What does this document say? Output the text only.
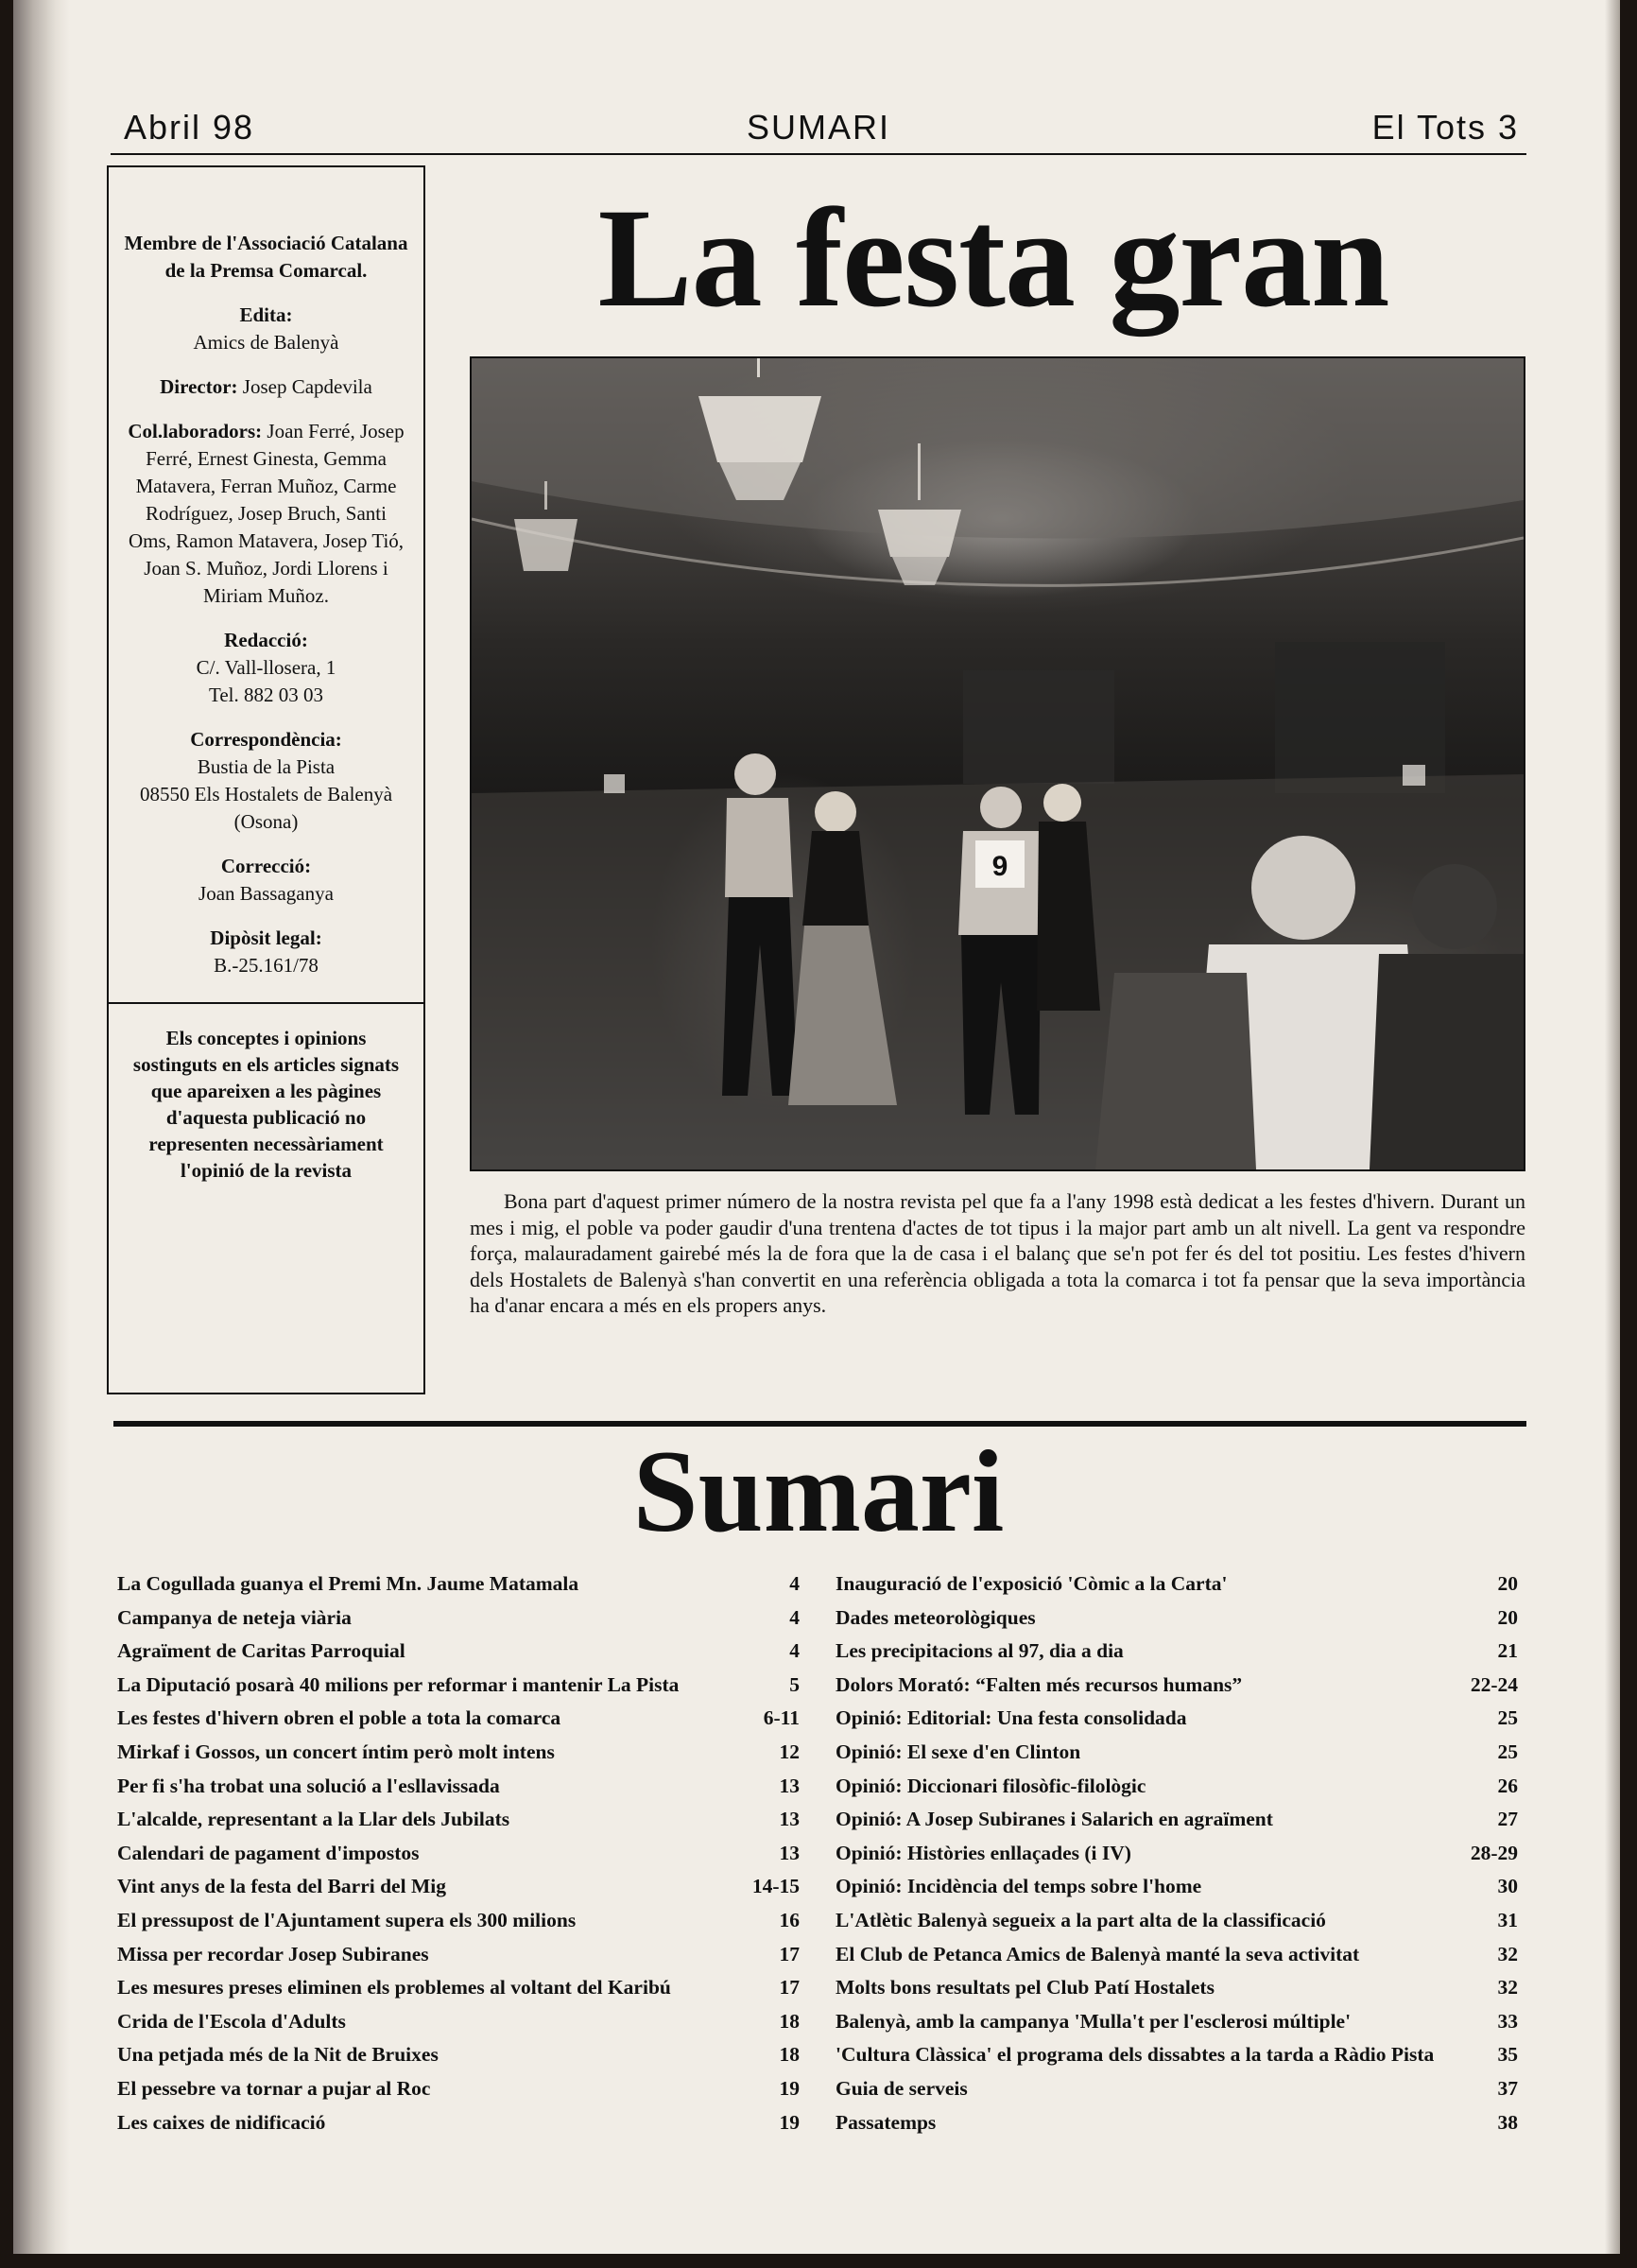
Abril 98	SUMARI	El Tots 3
Membre de l'Associació Catalana de la Premsa Comarcal.
Edita:
Amics de Balenyà
Director: Josep Capdevila
Col.laboradors: Joan Ferré, Josep Ferré, Ernest Ginesta, Gemma Matavera, Ferran Muñoz, Carme Rodríguez, Josep Bruch, Santi Oms, Ramon Matavera, Josep Tió, Joan S. Muñoz, Jordi Llorens i Miriam Muñoz.
Redacció:
C/. Vall-llosera, 1
Tel. 882 03 03
Correspondència:
Bustia de la Pista
08550 Els Hostalets de Balenyà (Osona)
Correcció:
Joan Bassaganya
Dipòsit legal:
B.-25.161/78
Els conceptes i opinions sostinguts en els articles signats que apareixen a les pàgines d'aquesta publicació no representen necessàriament l'opinió de la revista
La festa gran
9
Bona part d'aquest primer número de la nostra revista pel que fa a l'any 1998 està dedicat a les festes d'hivern. Durant un mes i mig, el poble va poder gaudir d'una trentena d'actes de tot tipus i la major part amb un alt nivell. La gent va respondre força, malauradament gairebé més la de fora que la de casa i el balanç que se'n pot fer és del tot positiu. Les festes d'hivern dels Hostalets de Balenyà s'han convertit en una referència obligada a tota la comarca i tot fa pensar que la seva importància ha d'anar encara a més en els propers anys.
Sumari
La Cogullada guanya el Premi Mn. Jaume Matamala	4
Campanya de neteja viària	4
Agraïment de Caritas Parroquial	4
La Diputació posarà 40 milions per reformar i mantenir La Pista	5
Les festes d'hivern obren el poble a tota la comarca	6-11
Mirkaf i Gossos, un concert íntim però molt intens	12
Per fi s'ha trobat una solució a l'esllavissada	13
L'alcalde, representant a la Llar dels Jubilats	13
Calendari de pagament d'impostos	13
Vint anys de la festa del Barri del Mig	14-15
El pressupost de l'Ajuntament supera els 300 milions	16
Missa per recordar Josep Subiranes	17
Les mesures preses eliminen els problemes al voltant del Karibú	17
Crida de l'Escola d'Adults	18
Una petjada més de la Nit de Bruixes	18
El pessebre va tornar a pujar al Roc	19
Les caixes de nidificació	19
Inauguració de l'exposició 'Còmic a la Carta'	20
Dades meteorològiques	20
Les precipitacions al 97, dia a dia	21
Dolors Morató: “Falten més recursos humans”	22-24
Opinió: Editorial: Una festa consolidada	25
Opinió: El sexe d'en Clinton	25
Opinió: Diccionari filosòfic-filològic	26
Opinió: A Josep Subiranes i Salarich en agraïment	27
Opinió: Històries enllaçades (i IV)	28-29
Opinió: Incidència del temps sobre l'home	30
L'Atlètic Balenyà segueix a la part alta de la classificació	31
El Club de Petanca Amics de Balenyà manté la seva activitat	32
Molts bons resultats pel Club Patí Hostalets	32
Balenyà, amb la campanya 'Mulla't per l'esclerosi múltiple'	33
'Cultura Clàssica' el programa dels dissabtes a la tarda a Ràdio Pista	35
Guia de serveis	37
Passatemps	38
